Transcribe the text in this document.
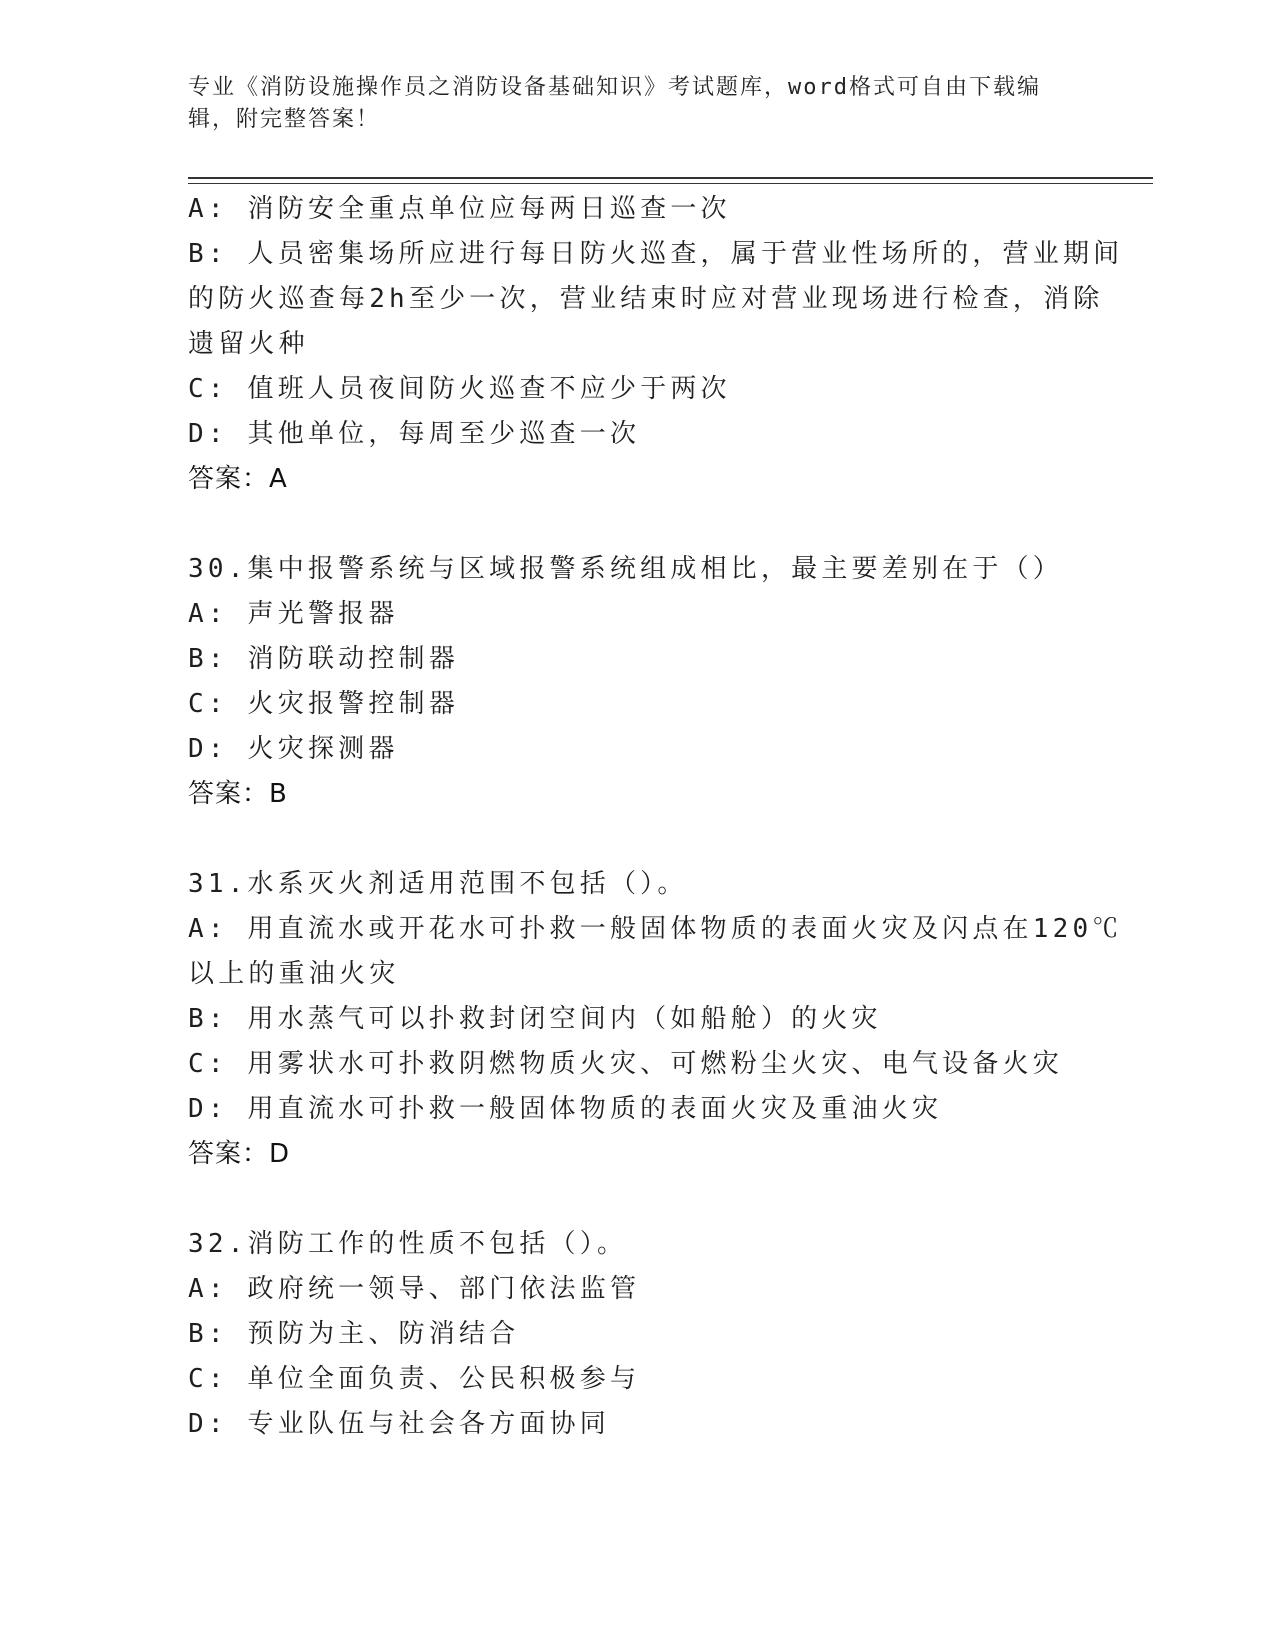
专业《消防设施操作员之消防设备基础知识》考试题库，word格式可自由下载编
辑，附完整答案！
A: 消防安全重点单位应每两日巡查一次
B: 人员密集场所应进行每日防火巡查，属于营业性场所的，营业期间
的防火巡查每2h至少一次，营业结束时应对营业现场进行检查，消除
遗留火种
C: 值班人员夜间防火巡查不应少于两次
D: 其他单位，每周至少巡查一次
答案：A
30.集中报警系统与区域报警系统组成相比，最主要差别在于（）
A: 声光警报器
B: 消防联动控制器
C: 火灾报警控制器
D: 火灾探测器
答案：B
31.水系灭火剂适用范围不包括（）。
A: 用直流水或开花水可扑救一般固体物质的表面火灾及闪点在120℃
以上的重油火灾
B: 用水蒸气可以扑救封闭空间内（如船舱）的火灾
C: 用雾状水可扑救阴燃物质火灾、可燃粉尘火灾、电气设备火灾
D: 用直流水可扑救一般固体物质的表面火灾及重油火灾
答案：D
32.消防工作的性质不包括（）。
A: 政府统一领导、部门依法监管
B: 预防为主、防消结合
C: 单位全面负责、公民积极参与
D: 专业队伍与社会各方面协同
